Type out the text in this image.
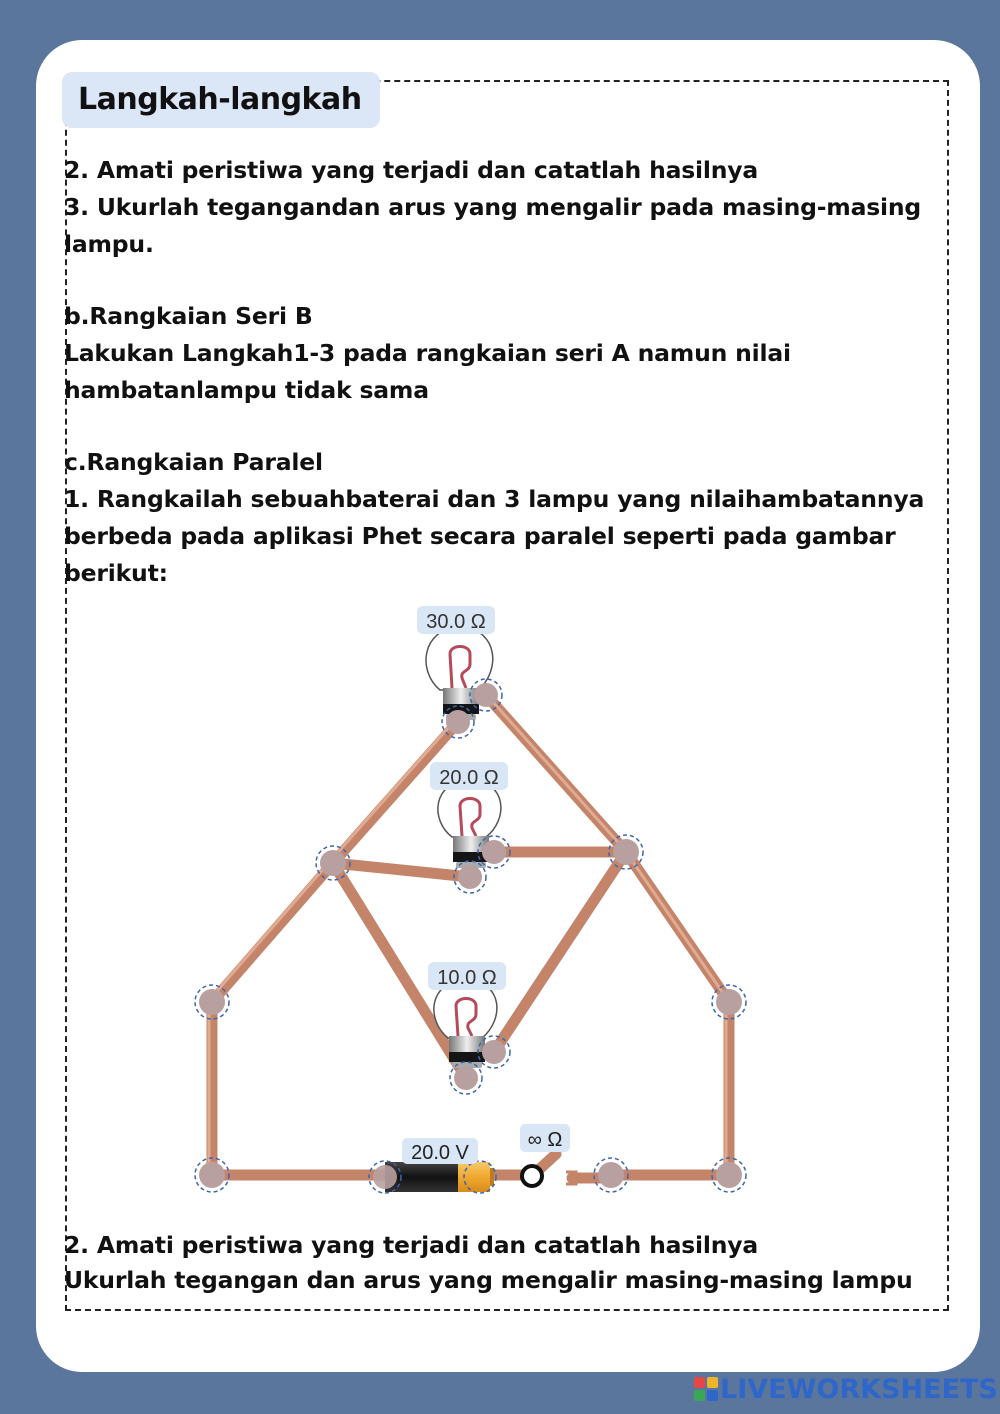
Langkah-langkah
2. Amati peristiwa yang terjadi dan catatlah hasilnya
3. Ukurlah tegangandan arus yang mengalir pada masing-masing
lampu.
b.Rangkaian Seri B
Lakukan Langkah1-3 pada rangkaian seri A namun nilai
hambatanlampu tidak sama
c.Rangkaian Paralel
1. Rangkailah sebuahbaterai dan 3 lampu yang nilaihambatannya
berbeda pada aplikasi Phet secara paralel seperti pada gambar
berikut:
30.0 Ω
20.0 Ω
10.0 Ω
20.0 V
∞ Ω
2. Amati peristiwa yang terjadi dan catatlah hasilnya
Ukurlah tegangan dan arus yang mengalir masing-masing lampu
LIVEWORKSHEETS
